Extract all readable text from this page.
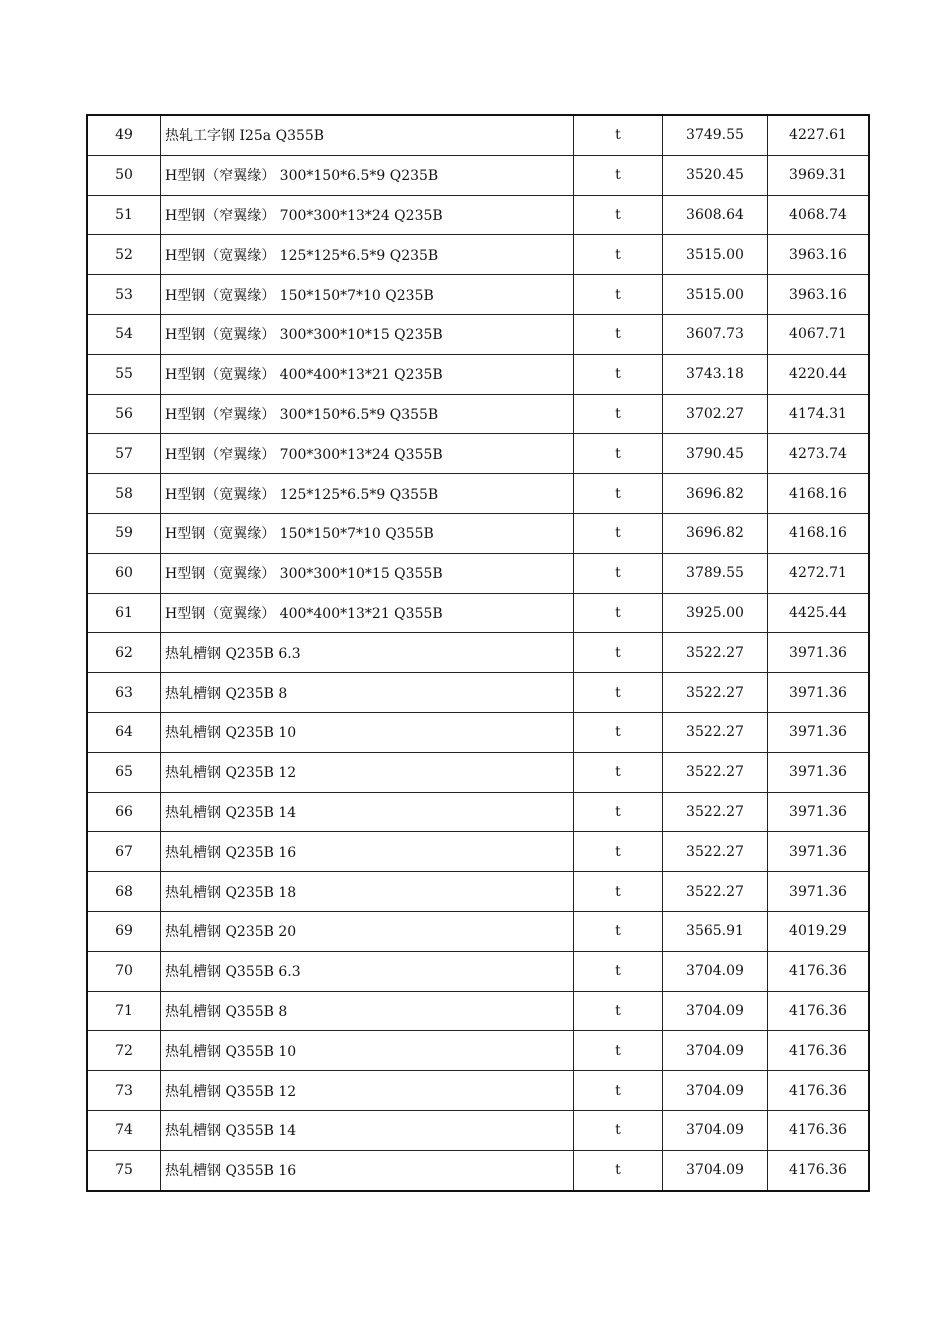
49	热轧工字钢 I25a Q355B	t	3749.55	4227.61
50	H型钢（窄翼缘） 300*150*6.5*9 Q235B	t	3520.45	3969.31
51	H型钢（窄翼缘） 700*300*13*24 Q235B	t	3608.64	4068.74
52	H型钢（宽翼缘） 125*125*6.5*9 Q235B	t	3515.00	3963.16
53	H型钢（宽翼缘） 150*150*7*10 Q235B	t	3515.00	3963.16
54	H型钢（宽翼缘） 300*300*10*15 Q235B	t	3607.73	4067.71
55	H型钢（宽翼缘） 400*400*13*21 Q235B	t	3743.18	4220.44
56	H型钢（窄翼缘） 300*150*6.5*9 Q355B	t	3702.27	4174.31
57	H型钢（窄翼缘） 700*300*13*24 Q355B	t	3790.45	4273.74
58	H型钢（宽翼缘） 125*125*6.5*9 Q355B	t	3696.82	4168.16
59	H型钢（宽翼缘） 150*150*7*10 Q355B	t	3696.82	4168.16
60	H型钢（宽翼缘） 300*300*10*15 Q355B	t	3789.55	4272.71
61	H型钢（宽翼缘） 400*400*13*21 Q355B	t	3925.00	4425.44
62	热轧槽钢 Q235B 6.3	t	3522.27	3971.36
63	热轧槽钢 Q235B 8	t	3522.27	3971.36
64	热轧槽钢 Q235B 10	t	3522.27	3971.36
65	热轧槽钢 Q235B 12	t	3522.27	3971.36
66	热轧槽钢 Q235B 14	t	3522.27	3971.36
67	热轧槽钢 Q235B 16	t	3522.27	3971.36
68	热轧槽钢 Q235B 18	t	3522.27	3971.36
69	热轧槽钢 Q235B 20	t	3565.91	4019.29
70	热轧槽钢 Q355B 6.3	t	3704.09	4176.36
71	热轧槽钢 Q355B 8	t	3704.09	4176.36
72	热轧槽钢 Q355B 10	t	3704.09	4176.36
73	热轧槽钢 Q355B 12	t	3704.09	4176.36
74	热轧槽钢 Q355B 14	t	3704.09	4176.36
75	热轧槽钢 Q355B 16	t	3704.09	4176.36
